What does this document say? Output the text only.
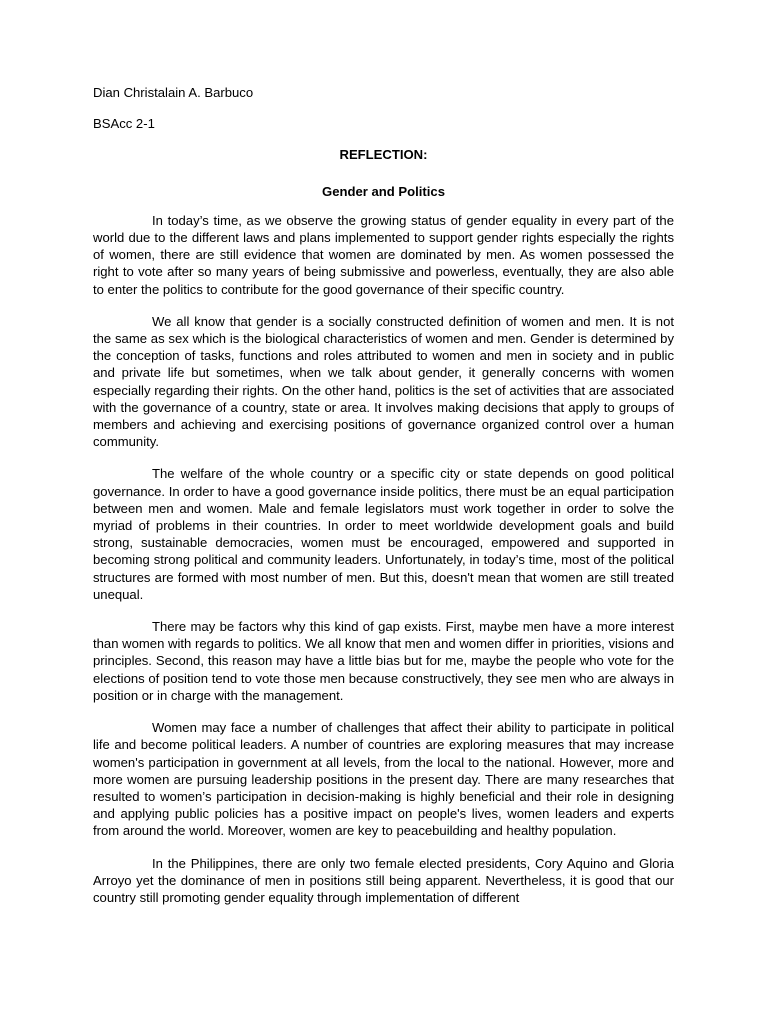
Dian Christalain A. Barbuco

BSAcc 2-1

REFLECTION:

Gender and Politics

In today’s time, as we observe the growing status of gender equality in every part of the world due to the different laws and plans implemented to support gender rights especially the rights of women, there are still evidence that women are dominated by men. As women possessed the right to vote after so many years of being submissive and powerless, eventually, they are also able to enter the politics to contribute for the good governance of their specific country.

We all know that gender is a socially constructed definition of women and men. It is not the same as sex which is the biological characteristics of women and men. Gender is determined by the conception of tasks, functions and roles attributed to women and men in society and in public and private life but sometimes, when we talk about gender, it generally concerns with women especially regarding their rights. On the other hand, politics is the set of activities that are associated with the governance of a country, state or area. It involves making decisions that apply to groups of members and achieving and exercising positions of governance organized control over a human community.

The welfare of the whole country or a specific city or state depends on good political governance. In order to have a good governance inside politics, there must be an equal participation between men and women. Male and female legislators must work together in order to solve the myriad of problems in their countries. In order to meet worldwide development goals and build strong, sustainable democracies, women must be encouraged, empowered and supported in becoming strong political and community leaders. Unfortunately, in today’s time, most of the political structures are formed with most number of men. But this, doesn't mean that women are still treated unequal.

There may be factors why this kind of gap exists. First, maybe men have a more interest than women with regards to politics. We all know that men and women differ in priorities, visions and principles. Second, this reason may have a little bias but for me, maybe the people who vote for the elections of position tend to vote those men because constructively, they see men who are always in position or in charge with the management.

Women may face a number of challenges that affect their ability to participate in political life and become political leaders. A number of countries are exploring measures that may increase women's participation in government at all levels, from the local to the national. However, more and more women are pursuing leadership positions in the present day. There are many researches that resulted to women’s participation in decision-making is highly beneficial and their role in designing and applying public policies has a positive impact on people's lives, women leaders and experts from around the world. Moreover, women are key to peacebuilding and healthy population.

In the Philippines, there are only two female elected presidents, Cory Aquino and Gloria Arroyo yet the dominance of men in positions still being apparent. Nevertheless, it is good that our country still promoting gender equality through implementation of different
